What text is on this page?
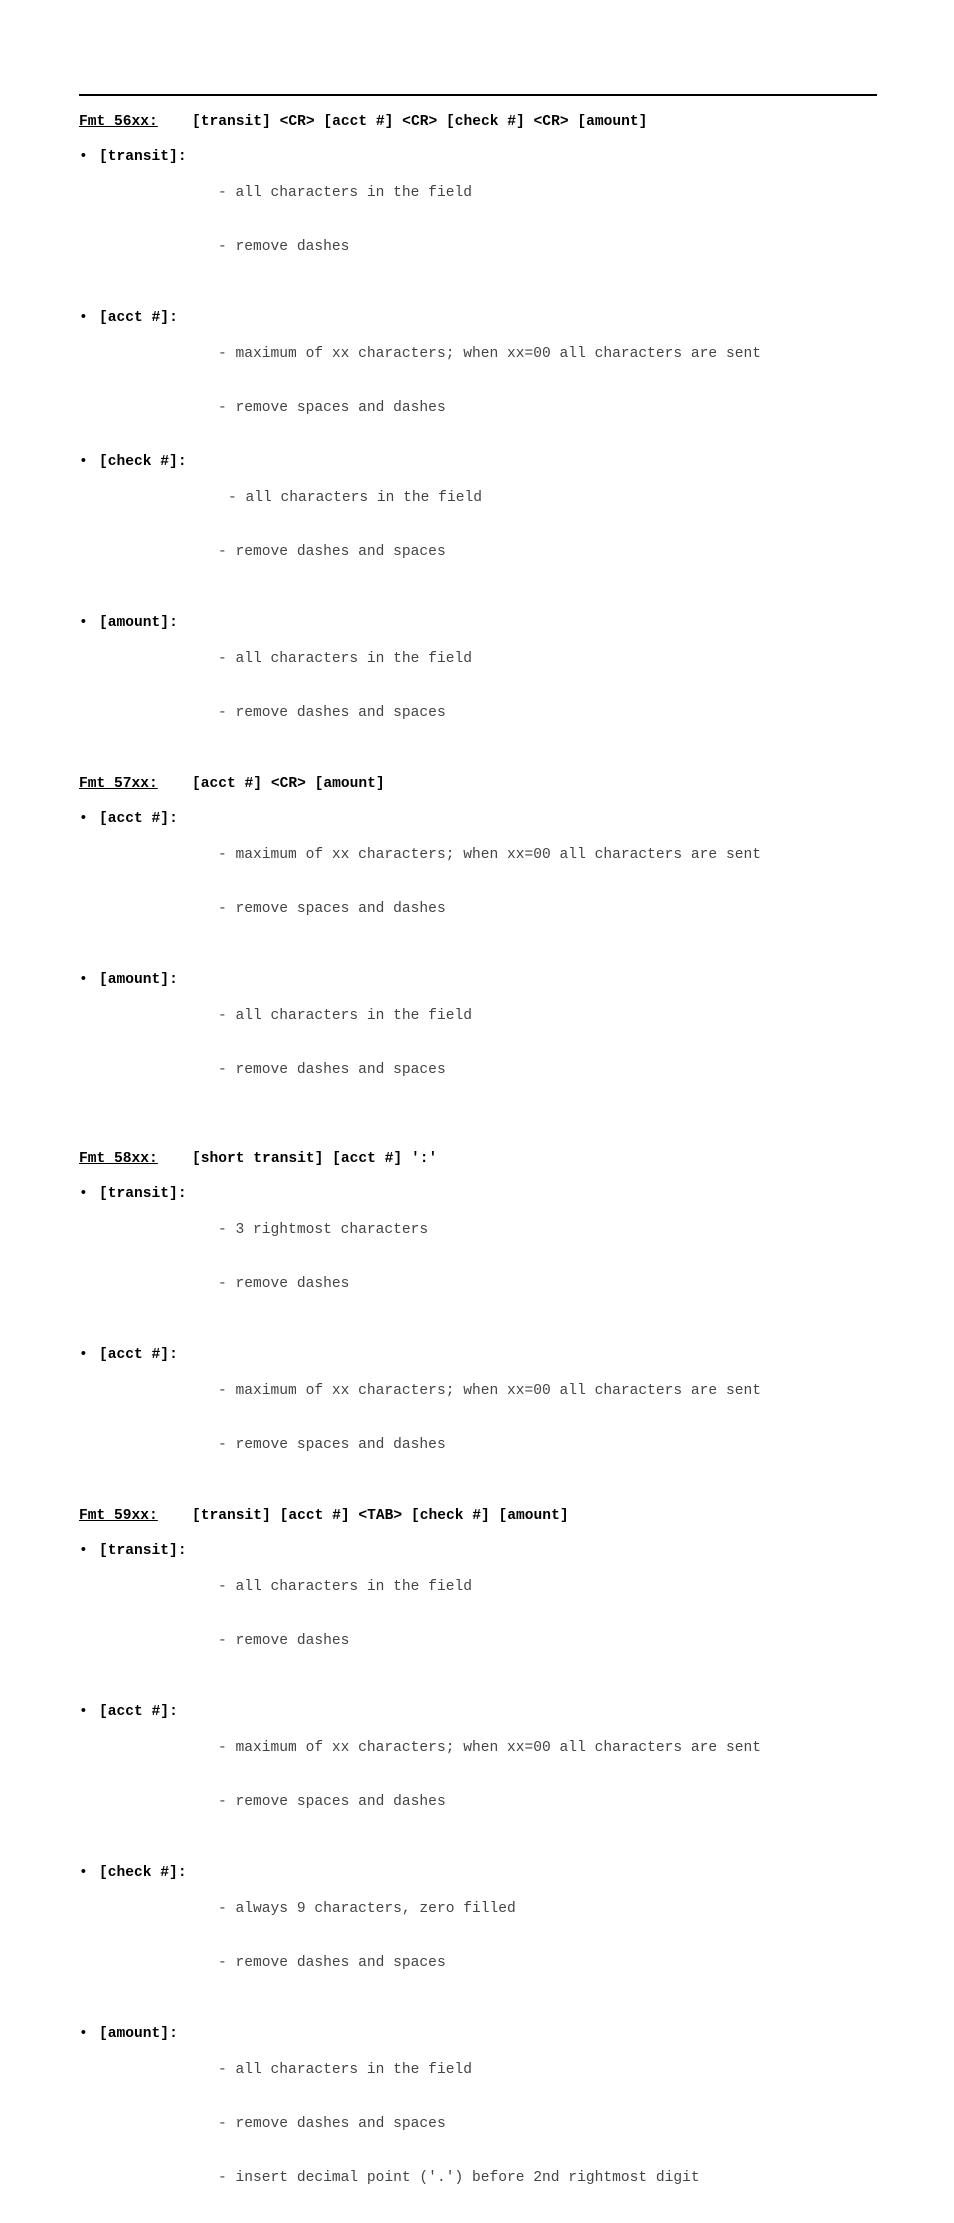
Fmt 56xx:	[transit] <CR> [acct #] <CR> [check #] <CR> [amount]
• [transit] :

- all characters in the field

- remove dashes

• [acct #] :

- maximum of xx characters; when xx=00 all characters are sent

- remove spaces and dashes

• [check #] :

- all characters in the field

- remove dashes and spaces

• [amount] :

- all characters in the field

- remove dashes and spaces

Fmt 57xx:	[acct #] <CR> [amount]
• [acct #] :

- maximum of xx characters; when xx=00 all characters are sent

- remove spaces and dashes

• [amount] :

- all characters in the field

- remove dashes and spaces

Fmt 58xx:	[short transit] [acct #] ':'
• [transit] :

- 3 rightmost characters

- remove dashes

• [acct #] :

- maximum of xx characters; when xx=00 all characters are sent

- remove spaces and dashes

Fmt 59xx:	[transit] [acct #] <TAB> [check #] [amount]
• [transit] :

- all characters in the field

- remove dashes

• [acct #] :

- maximum of xx characters; when xx=00 all characters are sent

- remove spaces and dashes

• [check #] :

- always 9 characters, zero filled

- remove dashes and spaces

• [amount] :

- all characters in the field

- remove dashes and spaces

- insert decimal point ('.') before 2nd rightmost digit
